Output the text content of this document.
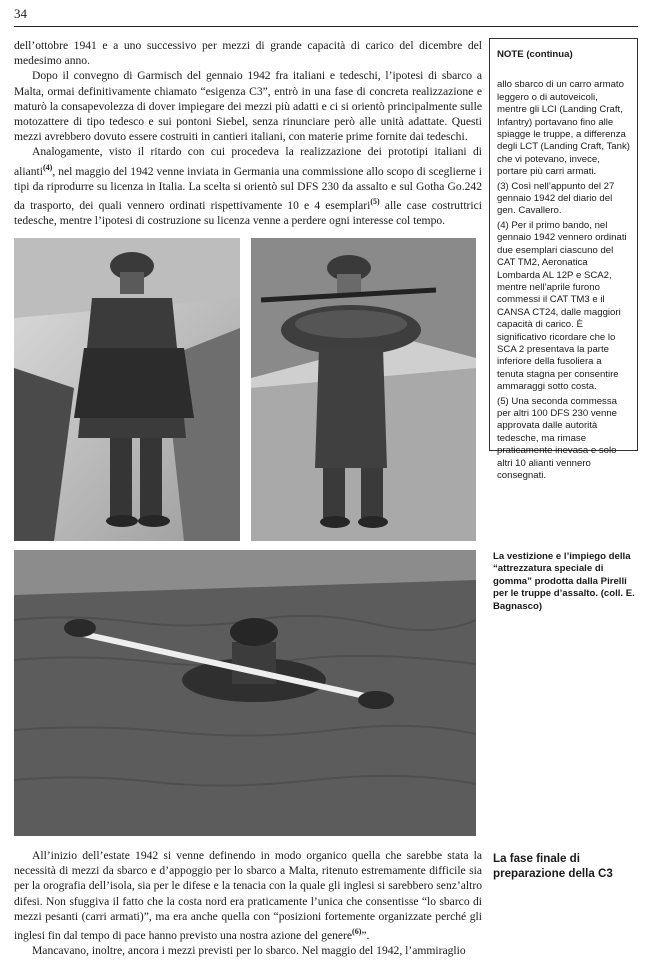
34

dell’ottobre 1941 e a uno successivo per mezzi di grande capacità di carico del dicembre del medesimo anno.

Dopo il convegno di Garmisch del gennaio 1942 fra italiani e tedeschi, l’ipotesi di sbarco a Malta, ormai definitivamente chiamato “esigenza C3”, entrò in una fase di concreta realizzazione e maturò la consapevolezza di dover impiegare dei mezzi più adatti e ci si orientò principalmente sulle motozattere di tipo tedesco e sui pontoni Siebel, senza rinunciare però alle unità adattate. Questi mezzi avrebbero dovuto essere costruiti in cantieri italiani, con materie prime fornite dai tedeschi.

Analogamente, visto il ritardo con cui procedeva la realizzazione dei prototipi italiani di alianti$^{(4)}$, nel maggio del 1942 venne inviata in Germania una commissione allo scopo di sceglierne i tipi da riprodurre su licenza in Italia. La scelta si orientò sul DFS 230 da assalto e sul Gotha Go.242 da trasporto, dei quali vennero ordinati rispettivamente 10 e 4 esemplari$^{(5)}$ alle case costruttrici tedesche, mentre l’ipotesi di costruzione su licenza venne a perdere ogni interesse col tempo.

NOTE (continua)

allo sbarco di un carro armato leggero o di autoveicoli, mentre gli LCI (Landing Craft, Infantry) portavano fino alle spiagge le truppe, a differenza degli LCT (Landing Craft, Tank) che vi potevano, invece, portare più carri armati.

(3) Così nell’appunto del 27 gennaio 1942 del diario del gen. Cavallero.

(4) Per il primo bando, nel gennaio 1942 vennero ordinati due esemplari ciascuno del CAT TM2, Aeronatica Lombarda AL 12P e SCA2, mentre nell’aprile furono commessi il CAT TM3 e il CANSA CT24, dalle maggiori capacità di carico. È significativo ricordare che lo SCA 2 presentava la parte inferiore della fusoliera a tenuta stagna per consentire ammaraggi sotto costa.

(5) Una seconda commessa per altri 100 DFS 230 venne approvata dalle autorità tedesche, ma rimase praticamente inevasa e solo altri 10 alianti vennero consegnati.

La vestizione e l’impiego della “attrezzatura speciale di gomma” prodotta dalla Pirelli per le truppe d’assalto. (coll. E. Bagnasco)
La fase finale di preparazione della C3

All’inizio dell’estate 1942 si venne definendo in modo organico quella che sarebbe stata la necessità di mezzi da sbarco e d’appoggio per lo sbarco a Malta, ritenuto estremamente difficile sia per la orografia dell’isola, sia per le difese e la tenacia con la quale gli inglesi si sarebbero senz’altro difesi. Non sfuggiva il fatto che la costa nord era praticamente l’unica che consentisse “lo sbarco di mezzi pesanti (carri armati)”, ma era anche quella con “posizioni fortemente organizzate perché gli inglesi fin dal tempo di pace hanno previsto una nostra azione del genere$^{(6)}$”.

Mancavano, inoltre, ancora i mezzi previsti per lo sbarco. Nel maggio del 1942, l’ammiraglio
